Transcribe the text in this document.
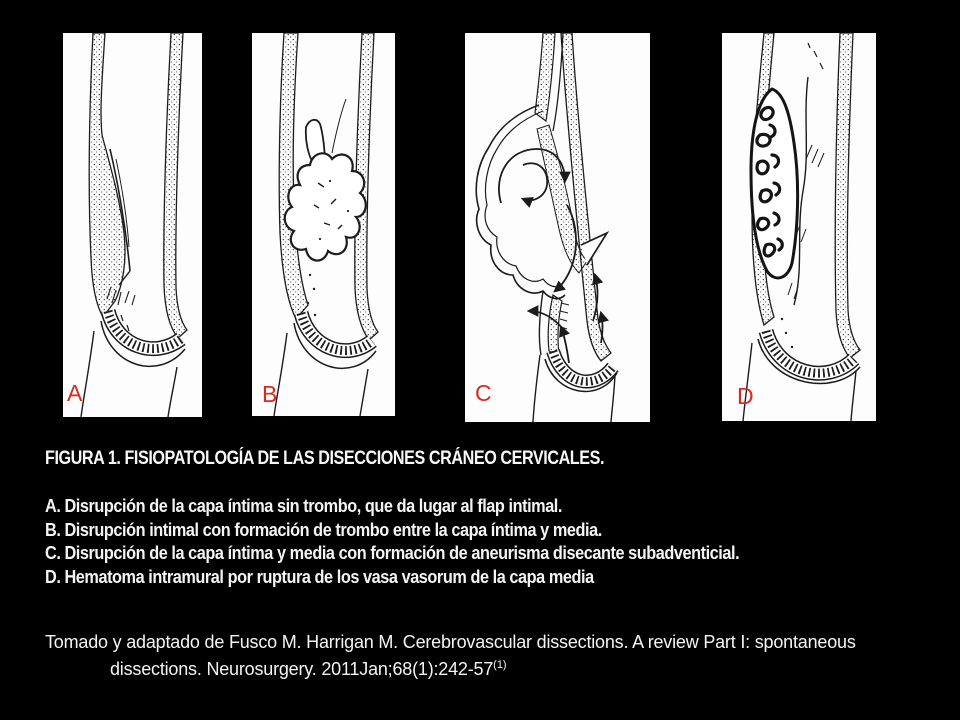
A	B	C	D
FIGURA 1. FISIOPATOLOGÍA DE LAS DISECCIONES CRÁNEO CERVICALES.
A. Disrupción de la capa íntima sin trombo, que da lugar al flap intimal.
B. Disrupción intimal con formación de trombo entre la capa íntima y media.
C. Disrupción de la capa íntima y media con formación de aneurisma disecante subadventicial.
D. Hematoma intramural por ruptura de los vasa vasorum de la capa media
Tomado y adaptado de Fusco M. Harrigan M. Cerebrovascular dissections. A review Part I: spontaneous
dissections. Neurosurgery. 2011Jan;68(1):242-57$^{(1)}$
